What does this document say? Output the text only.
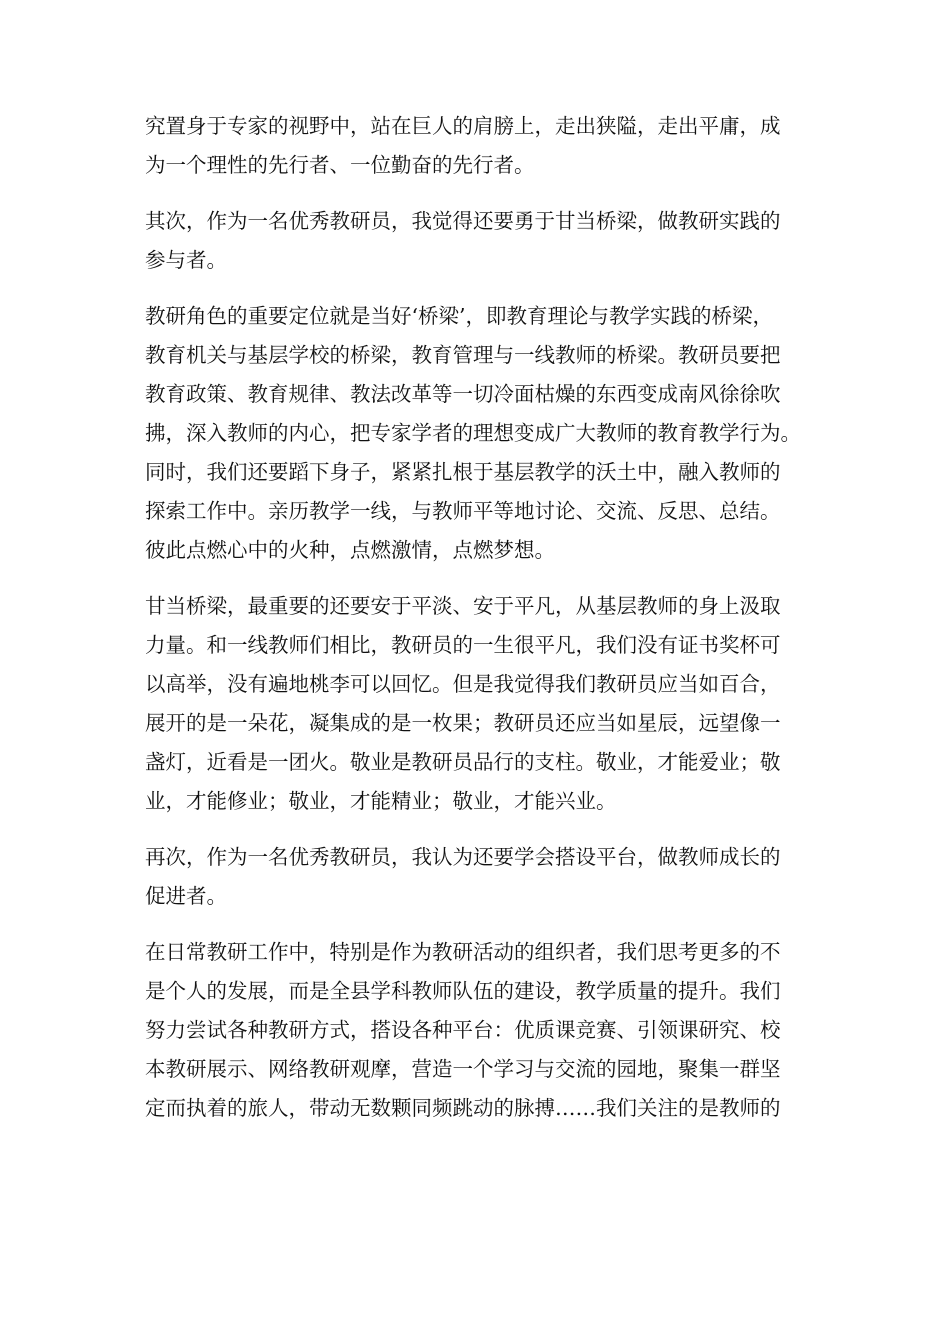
究置身于专家的视野中，站在巨人的肩膀上，走出狭隘，走出平庸，成
为一个理性的先行者、一位勤奋的先行者。

其次，作为一名优秀教研员，我觉得还要勇于甘当桥梁，做教研实践的
参与者。

教研角色的重要定位就是当好‘桥梁’，即教育理论与教学实践的桥梁，
教育机关与基层学校的桥梁，教育管理与一线教师的桥梁。教研员要把
教育政策、教育规律、教法改革等一切冷面枯燥的东西变成南风徐徐吹
拂，深入教师的内心，把专家学者的理想变成广大教师的教育教学行为。
同时，我们还要蹈下身子，紧紧扎根于基层教学的沃土中，融入教师的
探索工作中。亲历教学一线，与教师平等地讨论、交流、反思、总结。
彼此点燃心中的火种，点燃激情，点燃梦想。

甘当桥梁，最重要的还要安于平淡、安于平凡，从基层教师的身上汲取
力量。和一线教师们相比，教研员的一生很平凡，我们没有证书奖杯可
以高举，没有遍地桃李可以回忆。但是我觉得我们教研员应当如百合，
展开的是一朵花，凝集成的是一枚果；教研员还应当如星辰，远望像一
盏灯，近看是一团火。敬业是教研员品行的支柱。敬业，才能爱业；敬
业，才能修业；敬业，才能精业；敬业，才能兴业。

再次，作为一名优秀教研员，我认为还要学会搭设平台，做教师成长的
促进者。

在日常教研工作中，特别是作为教研活动的组织者，我们思考更多的不
是个人的发展，而是全县学科教师队伍的建设，教学质量的提升。我们
努力尝试各种教研方式，搭设各种平台：优质课竞赛、引领课研究、校
本教研展示、网络教研观摩，营造一个学习与交流的园地，聚集一群坚
定而执着的旅人，带动无数颗同频跳动的脉搏……我们关注的是教师的
